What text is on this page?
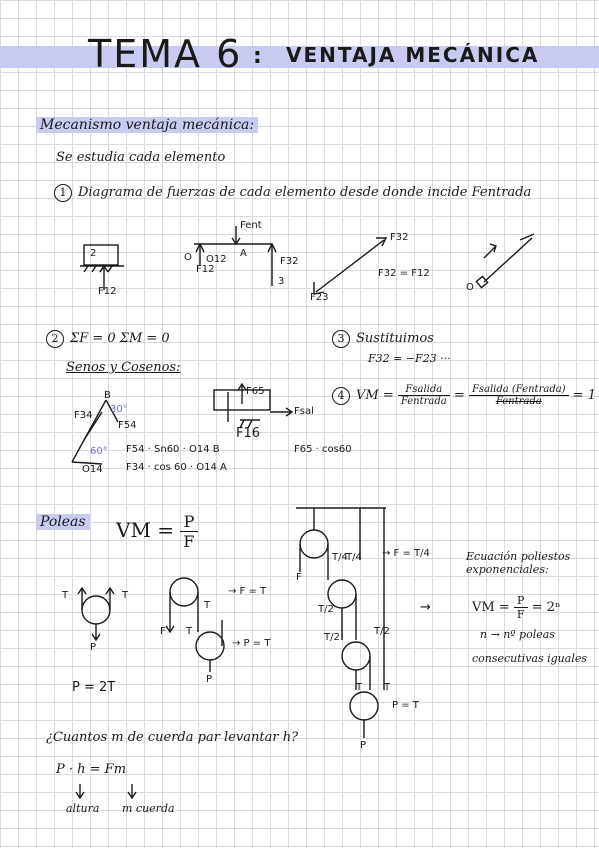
TEMA 6 : VENTAJA MECÁNICA
Mecanismo ventaja mecánica:
Se estudia cada elemento
1 Diagrama de fuerzas de cada elemento desde donde incide Fentrada
2
F12
Fent
O O12
F12
A
F32
3
F32
F23
F32 = F12
O
2 ΣF = 0 ΣM = 0
Senos y Cosenos:
3 Sustituimos
F32 = −F23 ···
4 VM = $\frac{\text{Fsalida}}{\text{Fentrada}} = \frac{\text{Fsalida (Fentrada)}}{\text{Fentrada}} = 1$
B
F34
F54
O14
30°
60° F54 · Sn60 · O14 B
F34 · cos 60 · O14 A
F65
Fsal
F16
F65 · cos60
Poleas VM = $\frac{P}{F}$
T	T
P
P = 2T
→ F = T
F T
T
→ P = T
P
F
→ F = T/4
T/4
T/4
T/2
T/2
T/2
T T
P = T
P
→
Ecuación poliestos exponenciales:
VM = $\frac{P}{F} = 2^n$
n → nº poleas
consecutivas iguales
¿Cuantos m de cuerda par levantar h?
P · h = Fm
altura m cuerda
